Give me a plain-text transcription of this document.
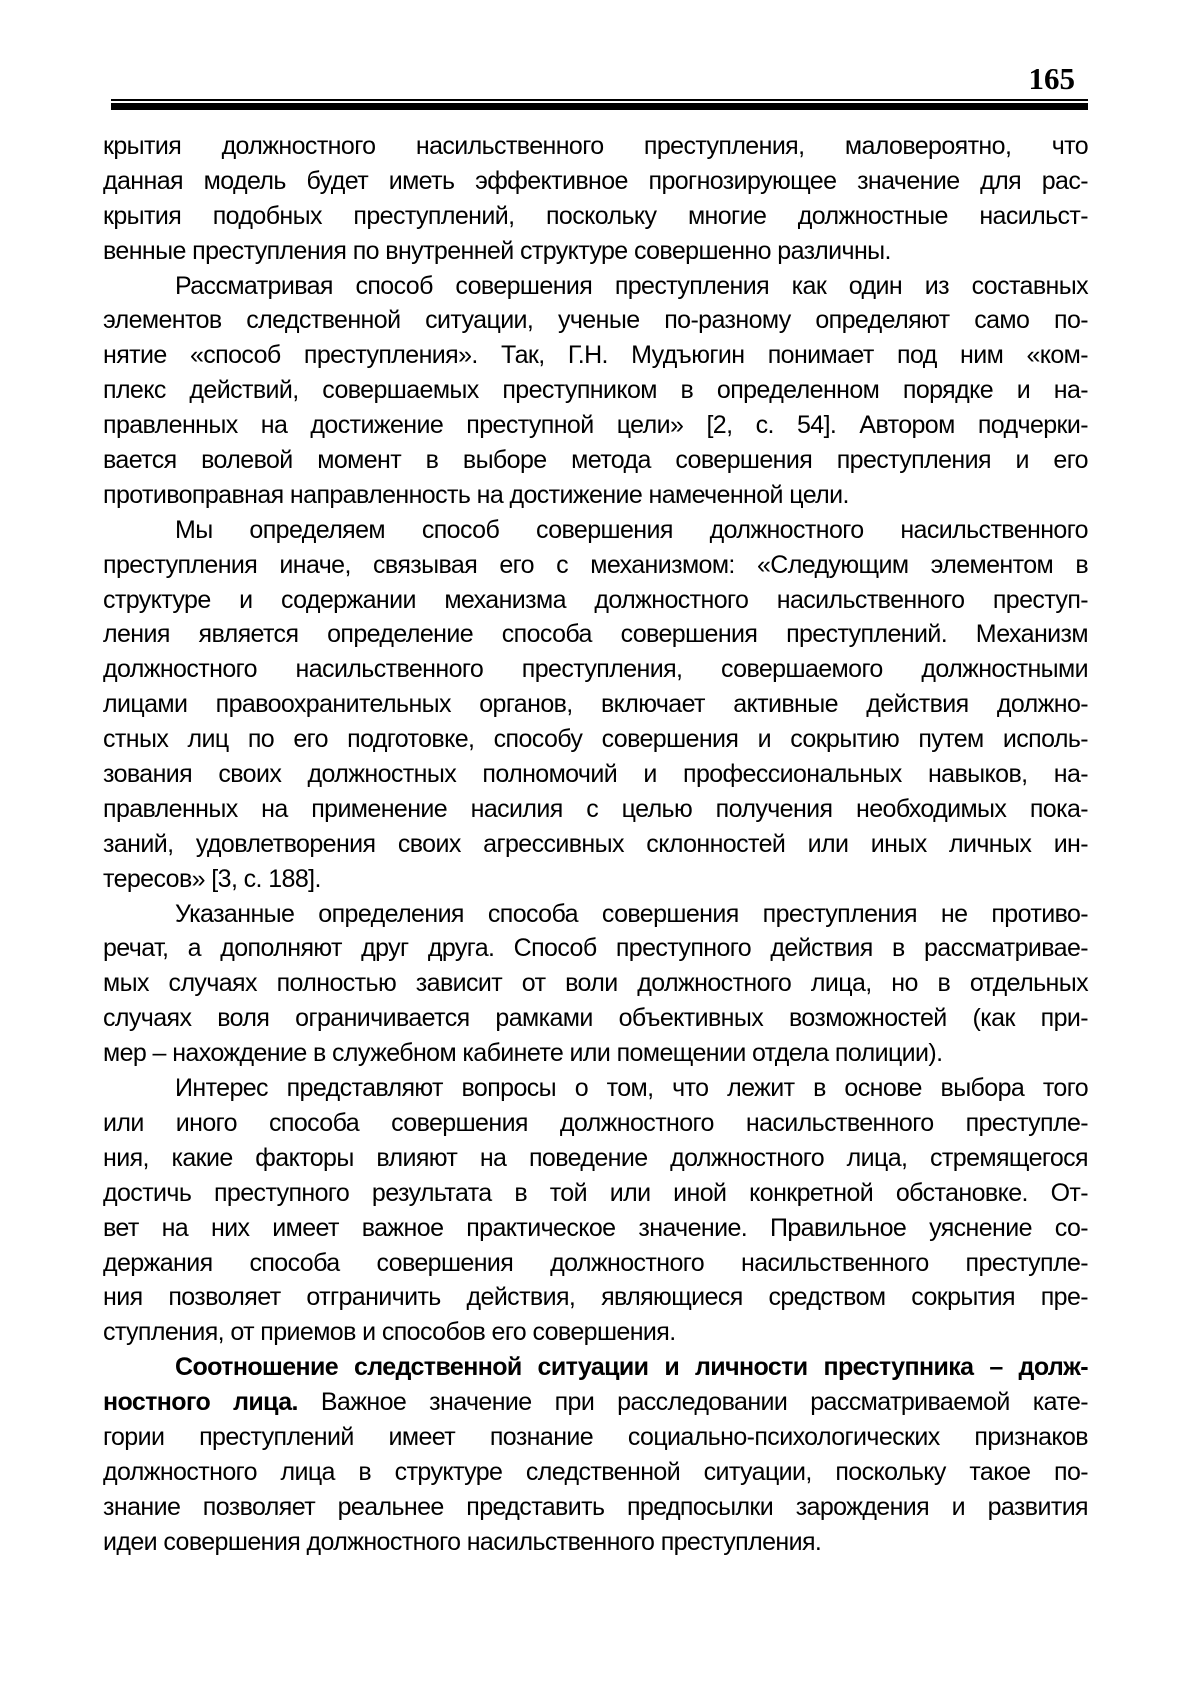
165
крытия должностного насильственного преступления, маловероятно, что
данная модель будет иметь эффективное прогнозирующее значение для рас-
крытия подобных преступлений, поскольку многие должностные насильст-
венные преступления по внутренней структуре совершенно различны.
Рассматривая способ совершения преступления как один из составных
элементов следственной ситуации, ученые по-разному определяют само по-
нятие «способ преступления». Так, Г.Н. Мудъюгин понимает под ним «ком-
плекс действий, совершаемых преступником в определенном порядке и на-
правленных на достижение преступной цели» [2, с. 54]. Автором подчерки-
вается волевой момент в выборе метода совершения преступления и его
противоправная направленность на достижение намеченной цели.
Мы определяем способ совершения должностного насильственного
преступления иначе, связывая его с механизмом: «Следующим элементом в
структуре и содержании механизма должностного насильственного преступ-
ления является определение способа совершения преступлений. Механизм
должностного насильственного преступления, совершаемого должностными
лицами правоохранительных органов, включает активные действия должно-
стных лиц по его подготовке, способу совершения и сокрытию путем исполь-
зования своих должностных полномочий и профессиональных навыков, на-
правленных на применение насилия с целью получения необходимых пока-
заний, удовлетворения своих агрессивных склонностей или иных личных ин-
тересов» [3, с. 188].
Указанные определения способа совершения преступления не противо-
речат, а дополняют друг друга. Способ преступного действия в рассматривае-
мых случаях полностью зависит от воли должностного лица, но в отдельных
случаях воля ограничивается рамками объективных возможностей (как при-
мер – нахождение в служебном кабинете или помещении отдела полиции).
Интерес представляют вопросы о том, что лежит в основе выбора того
или иного способа совершения должностного насильственного преступле-
ния, какие факторы влияют на поведение должностного лица, стремящегося
достичь преступного результата в той или иной конкретной обстановке. От-
вет на них имеет важное практическое значение. Правильное уяснение со-
держания способа совершения должностного насильственного преступле-
ния позволяет отграничить действия, являющиеся средством сокрытия пре-
ступления, от приемов и способов его совершения.
Соотношение следственной ситуации и личности преступника – долж-
ностного лица. Важное значение при расследовании рассматриваемой кате-
гории преступлений имеет познание социально-психологических признаков
должностного лица в структуре следственной ситуации, поскольку такое по-
знание позволяет реальнее представить предпосылки зарождения и развития
идеи совершения должностного насильственного преступления.
